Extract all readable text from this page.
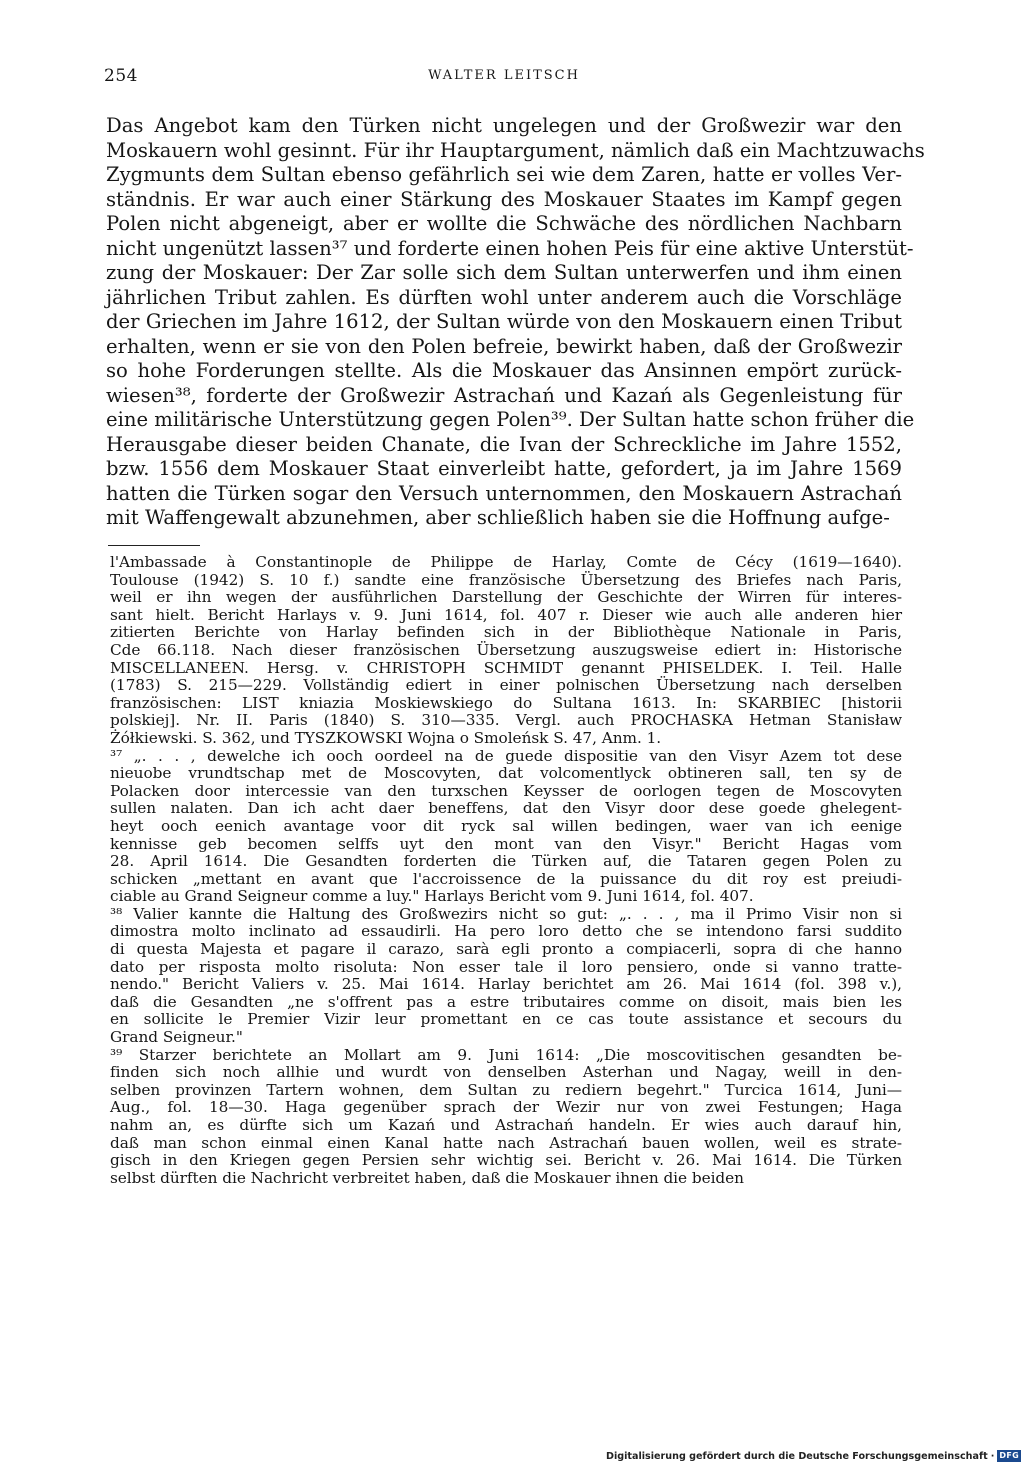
254	WALTER LEITSCH
Das Angebot kam den Türken nicht ungelegen und der Großwezir war den
Moskauern wohl gesinnt. Für ihr Hauptargument, nämlich daß ein Machtzuwachs
Zygmunts dem Sultan ebenso gefährlich sei wie dem Zaren, hatte er volles Ver-
ständnis. Er war auch einer Stärkung des Moskauer Staates im Kampf gegen
Polen nicht abgeneigt, aber er wollte die Schwäche des nördlichen Nachbarn
nicht ungenützt lassen³⁷ und forderte einen hohen Peis für eine aktive Unterstüt-
zung der Moskauer: Der Zar solle sich dem Sultan unterwerfen und ihm einen
jährlichen Tribut zahlen. Es dürften wohl unter anderem auch die Vorschläge
der Griechen im Jahre 1612, der Sultan würde von den Moskauern einen Tribut
erhalten, wenn er sie von den Polen befreie, bewirkt haben, daß der Großwezir
so hohe Forderungen stellte. Als die Moskauer das Ansinnen empört zurück-
wiesen³⁸, forderte der Großwezir Astrachań und Kazań als Gegenleistung für
eine militärische Unterstützung gegen Polen³⁹. Der Sultan hatte schon früher die
Herausgabe dieser beiden Chanate, die Ivan der Schreckliche im Jahre 1552,
bzw. 1556 dem Moskauer Staat einverleibt hatte, gefordert, ja im Jahre 1569
hatten die Türken sogar den Versuch unternommen, den Moskauern Astrachań
mit Waffengewalt abzunehmen, aber schließlich haben sie die Hoffnung aufge-
l'Ambassade à Constantinople de Philippe de Harlay, Comte de Cécy (1619—1640).
Toulouse (1942) S. 10 f.) sandte eine französische Übersetzung des Briefes nach Paris,
weil er ihn wegen der ausführlichen Darstellung der Geschichte der Wirren für interes-
sant hielt. Bericht Harlays v. 9. Juni 1614, fol. 407 r. Dieser wie auch alle anderen hier
zitierten Berichte von Harlay befinden sich in der Bibliothèque Nationale in Paris,
Cde 66.118. Nach dieser französischen Übersetzung auszugsweise ediert in: Historische
MISCELLANEEN. Hersg. v. CHRISTOPH SCHMIDT genannt PHISELDEK. I. Teil. Halle
(1783) S. 215—229. Vollständig ediert in einer polnischen Übersetzung nach derselben
französischen: LIST kniazia Moskiewskiego do Sultana 1613. In: SKARBIEC [historii
polskiej]. Nr. II. Paris (1840) S. 310—335. Vergl. auch PROCHASKA Hetman Stanisław
Żółkiewski. S. 362, und TYSZKOWSKI Wojna o Smoleńsk S. 47, Anm. 1.
³⁷ „. . . , dewelche ich ooch oordeel na de guede dispositie van den Visyr Azem tot dese
nieuobe vrundtschap met de Moscovyten, dat volcomentlyck obtineren sall, ten sy de
Polacken door intercessie van den turxschen Keysser de oorlogen tegen de Moscovyten
sullen nalaten. Dan ich acht daer beneffens, dat den Visyr door dese goede ghelegent-
heyt ooch eenich avantage voor dit ryck sal willen bedingen, waer van ich eenige
kennisse geb becomen selffs uyt den mont van den Visyr." Bericht Hagas vom
28. April 1614. Die Gesandten forderten die Türken auf, die Tataren gegen Polen zu
schicken „mettant en avant que l'accroissence de la puissance du dit roy est preiudi-
ciable au Grand Seigneur comme a luy." Harlays Bericht vom 9. Juni 1614, fol. 407.
³⁸ Valier kannte die Haltung des Großwezirs nicht so gut: „. . . , ma il Primo Visir non si
dimostra molto inclinato ad essaudirli. Ha pero loro detto che se intendono farsi suddito
di questa Majesta et pagare il carazo, sarà egli pronto a compiacerli, sopra di che hanno
dato per risposta molto risoluta: Non esser tale il loro pensiero, onde si vanno tratte-
nendo." Bericht Valiers v. 25. Mai 1614. Harlay berichtet am 26. Mai 1614 (fol. 398 v.),
daß die Gesandten „ne s'offrent pas a estre tributaires comme on disoit, mais bien les
en sollicite le Premier Vizir leur promettant en ce cas toute assistance et secours du
Grand Seigneur."
³⁹ Starzer berichtete an Mollart am 9. Juni 1614: „Die moscovitischen gesandten be-
finden sich noch allhie und wurdt von denselben Asterhan und Nagay, weill in den-
selben provinzen Tartern wohnen, dem Sultan zu rediern begehrt." Turcica 1614, Juni—
Aug., fol. 18—30. Haga gegenüber sprach der Wezir nur von zwei Festungen; Haga
nahm an, es dürfte sich um Kazań und Astrachań handeln. Er wies auch darauf hin,
daß man schon einmal einen Kanal hatte nach Astrachań bauen wollen, weil es strate-
gisch in den Kriegen gegen Persien sehr wichtig sei. Bericht v. 26. Mai 1614. Die Türken
selbst dürften die Nachricht verbreitet haben, daß die Moskauer ihnen die beiden
Digitalisierung gefördert durch die Deutsche Forschungsgemeinschaft · DFG
